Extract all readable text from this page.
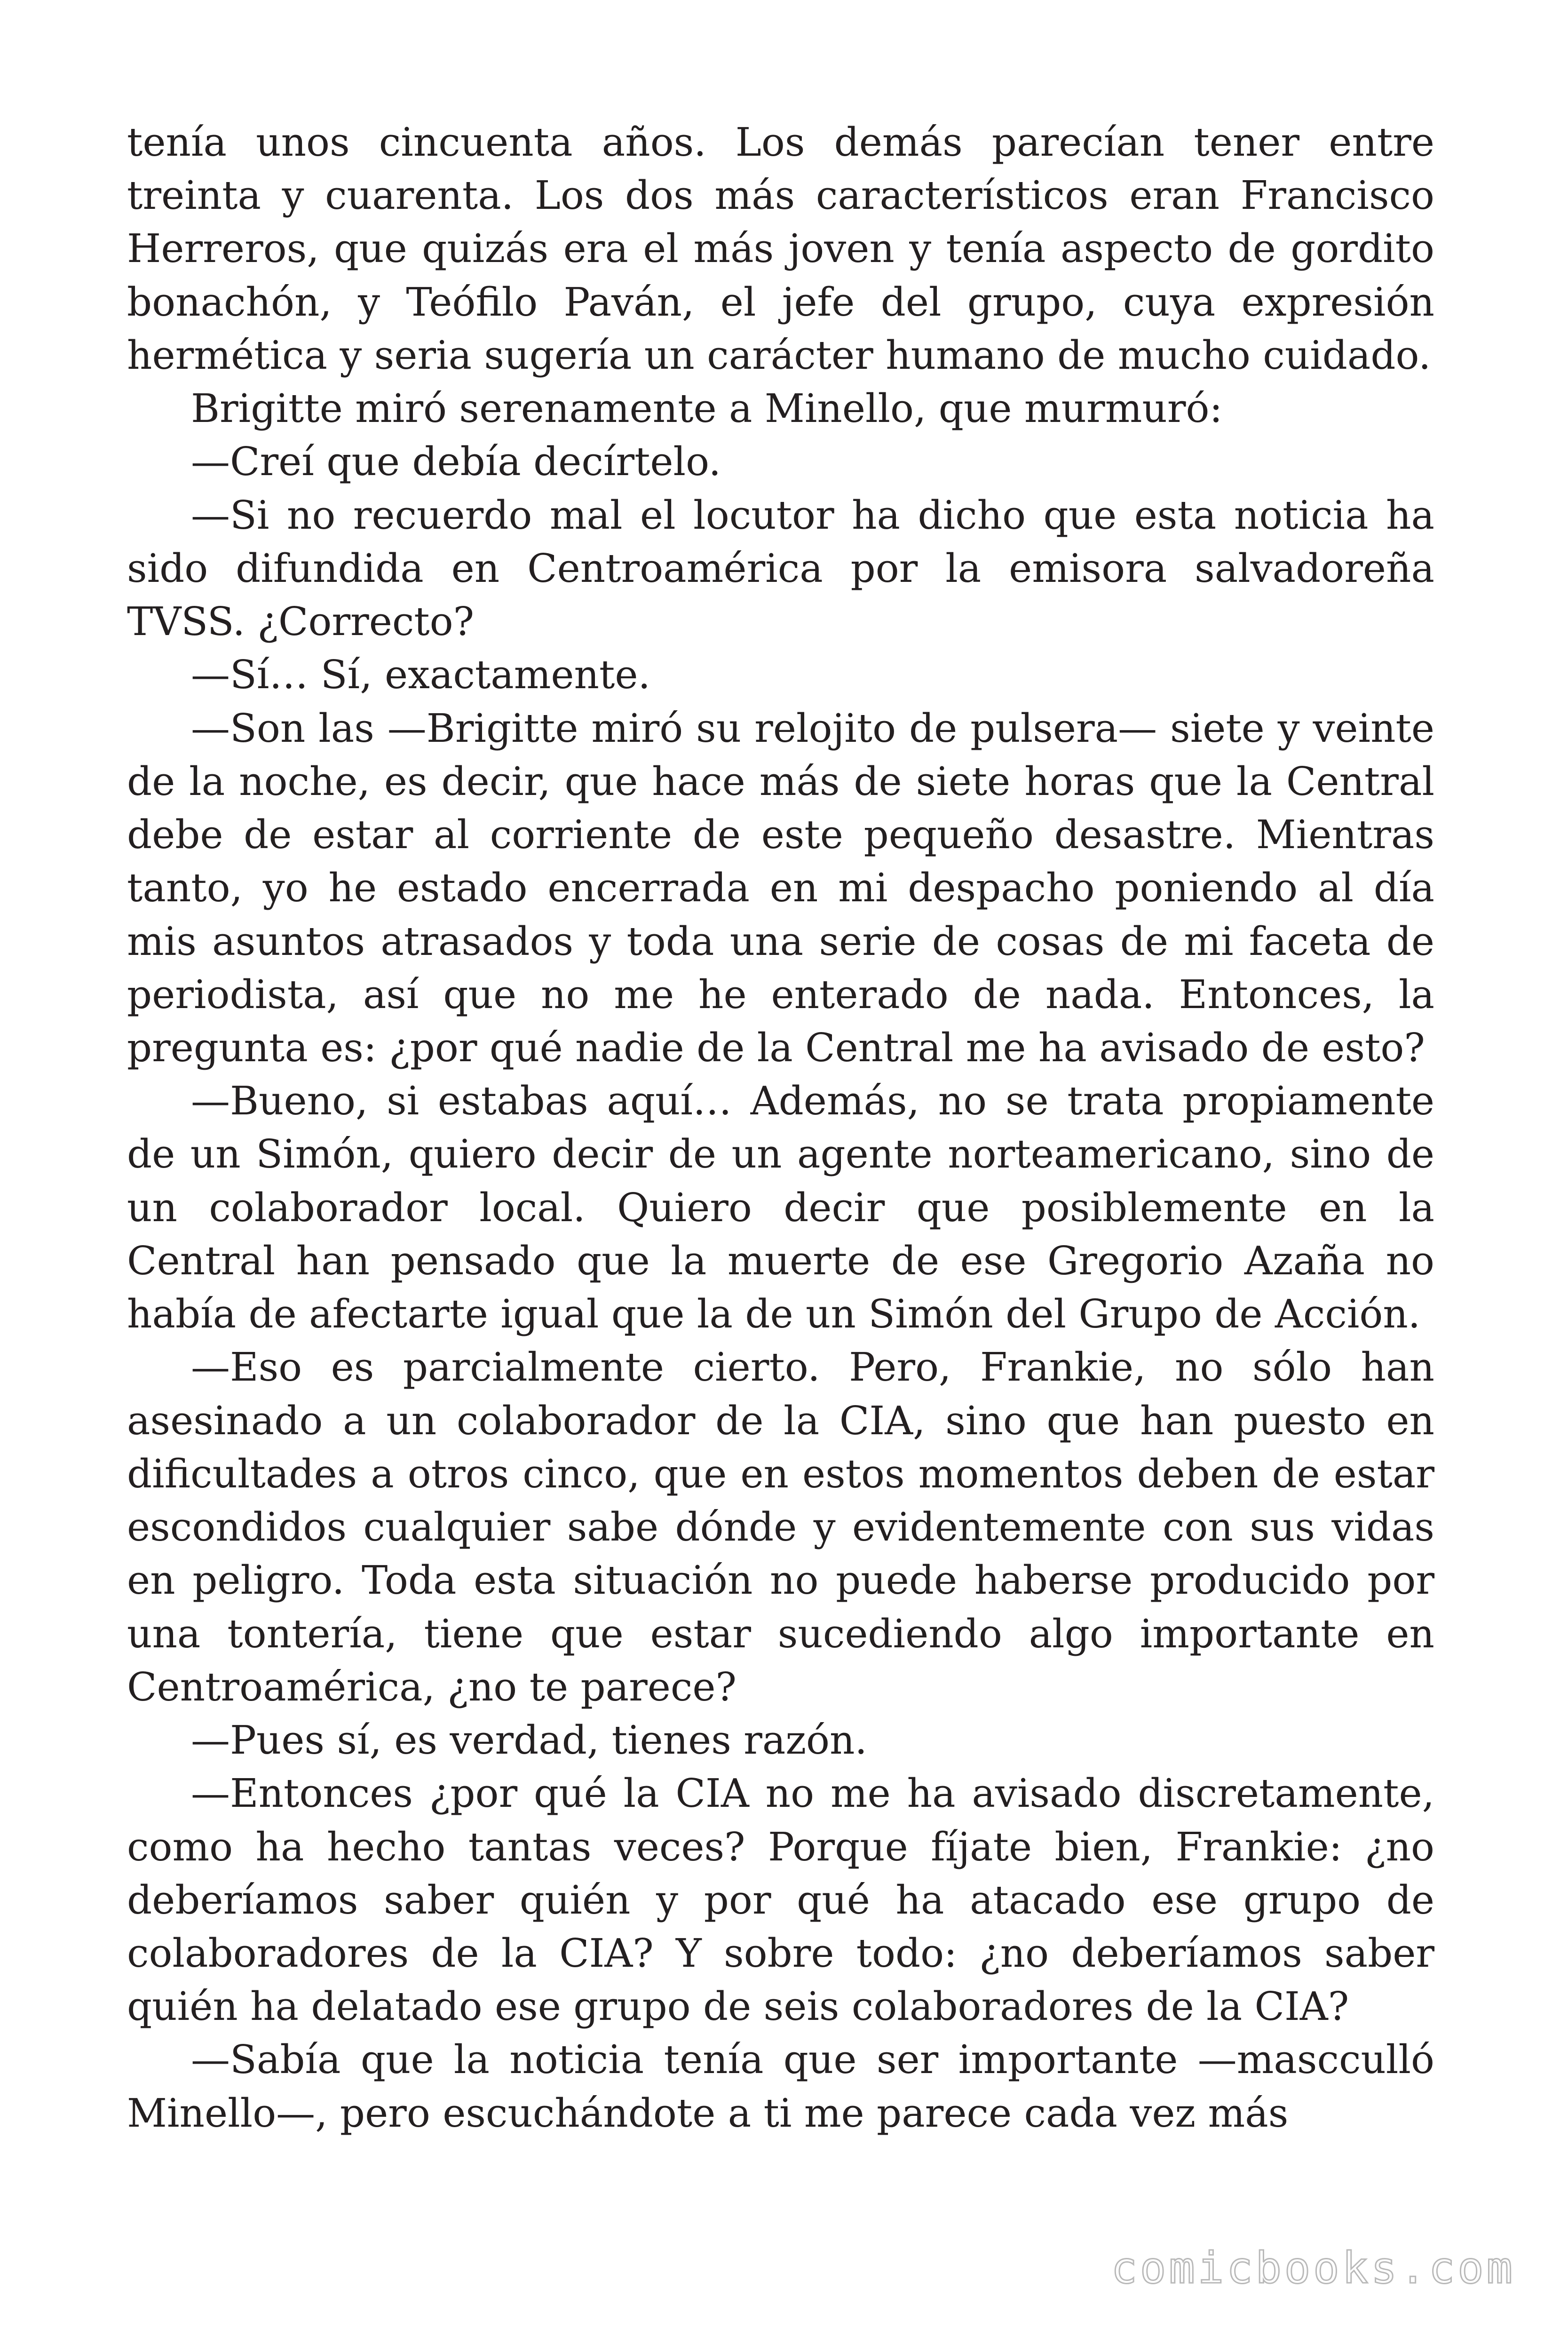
tenía unos cincuenta años. Los demás parecían tener entre treinta y cuarenta. Los dos más característicos eran Francisco Herreros, que quizás era el más joven y tenía aspecto de gordito bonachón, y Teófilo Paván, el jefe del grupo, cuya expresión hermética y seria sugería un carácter humano de mucho cuidado.

Brigitte miró serenamente a Minello, que murmuró:

—Creí que debía decírtelo.

—Si no recuerdo mal el locutor ha dicho que esta noticia ha sido difundida en Centroamérica por la emisora salvadoreña TVSS. ¿Correcto?

—Sí… Sí, exactamente.

—Son las —Brigitte miró su relojito de pulsera— siete y veinte de la noche, es decir, que hace más de siete horas que la Central debe de estar al corriente de este pequeño desastre. Mientras tanto, yo he estado encerrada en mi despacho poniendo al día mis asuntos atrasados y toda una serie de cosas de mi faceta de periodista, así que no me he enterado de nada. Entonces, la pregunta es: ¿por qué nadie de la Central me ha avisado de esto?

—Bueno, si estabas aquí… Además, no se trata propiamente de un Simón, quiero decir de un agente norteamericano, sino de un colaborador local. Quiero decir que posiblemente en la Central han pensado que la muerte de ese Gregorio Azaña no había de afectarte igual que la de un Simón del Grupo de Acción.

—Eso es parcialmente cierto. Pero, Frankie, no sólo han asesinado a un colaborador de la CIA, sino que han puesto en dificultades a otros cinco, que en estos momentos deben de estar escondidos cualquier sabe dónde y evidentemente con sus vidas en peligro. Toda esta situación no puede haberse producido por una tontería, tiene que estar sucediendo algo importante en Centroamérica, ¿no te parece?

—Pues sí, es verdad, tienes razón.

—Entonces ¿por qué la CIA no me ha avisado discretamente, como ha hecho tantas veces? Porque fíjate bien, Frankie: ¿no deberíamos saber quién y por qué ha atacado ese grupo de colaboradores de la CIA? Y sobre todo: ¿no deberíamos saber quién ha delatado ese grupo de seis colaboradores de la CIA?

—Sabía que la noticia tenía que ser importante —mascculló Minello—, pero escuchándote a ti me parece cada vez más

comicbooks.com
